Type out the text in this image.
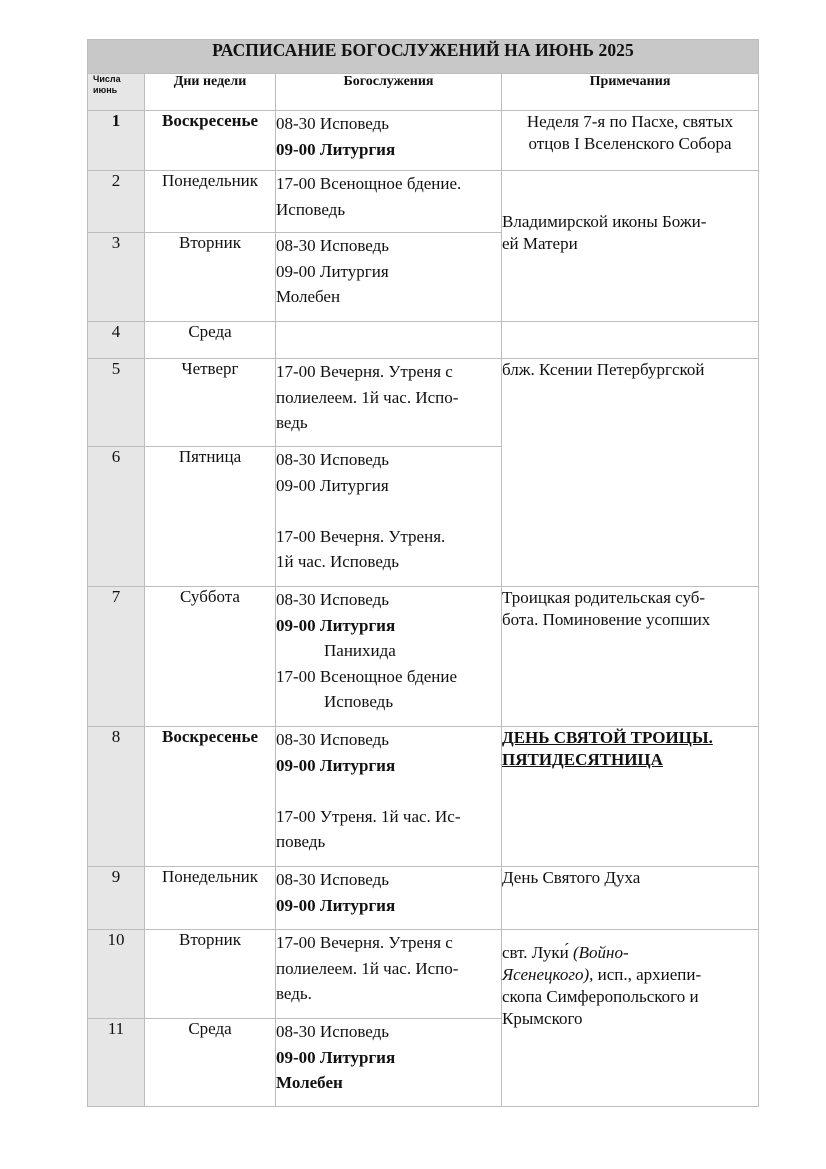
РАСПИСАНИЕ БОГОСЛУЖЕНИЙ НА ИЮНЬ 2025			

Числа
июнь	Дни недели	Богослужения	Примечания
1	Воскресенье	08-30 Исповедь
09-00 Литургия	Неделя 7-я по Пасхе, святых
отцов I Вселенского Собора

2	Понедельник	17-00 Всенощное бдение.
Исповедь	Владимирской иконы Божи-
ей Матери

3	Вторник	08-30 Исповедь
09-00 Литургия
Молебен	

4	Среда		
5	Четверг	17-00 Вечерня. Утреня с
полиелеем. 1й час. Испо-
ведь	блж. Ксении Петербургской

6	Пятница	08-30 Исповедь
09-00 Литургия
17-00 Вечерня. Утреня.
1й час. Исповедь	

7	Суббота	08-30 Исповедь
09-00 Литургия
Панихида
17-00 Всенощное бдение
Исповедь	Троицкая родительская суб-
бота. Поминовение усопших

8	Воскресенье	08-30 Исповедь
09-00 Литургия
17-00 Утреня. 1й час. Ис-
поведь	ДЕНЬ СВЯТОЙ ТРОИЦЫ.
ПЯТИДЕСЯТНИЦА

9	Понедельник	08-30 Исповедь
09-00 Литургия	День Святого Духа

10	Вторник	17-00 Вечерня. Утреня с
полиелеем. 1й час. Испо-
ведь.	свт. Луки́ (Войно-
Ясенецкого), исп., архиепи-
скопа Симферопольского и
Крымского

11	Среда	08-30 Исповедь
09-00 Литургия
Молебен	
